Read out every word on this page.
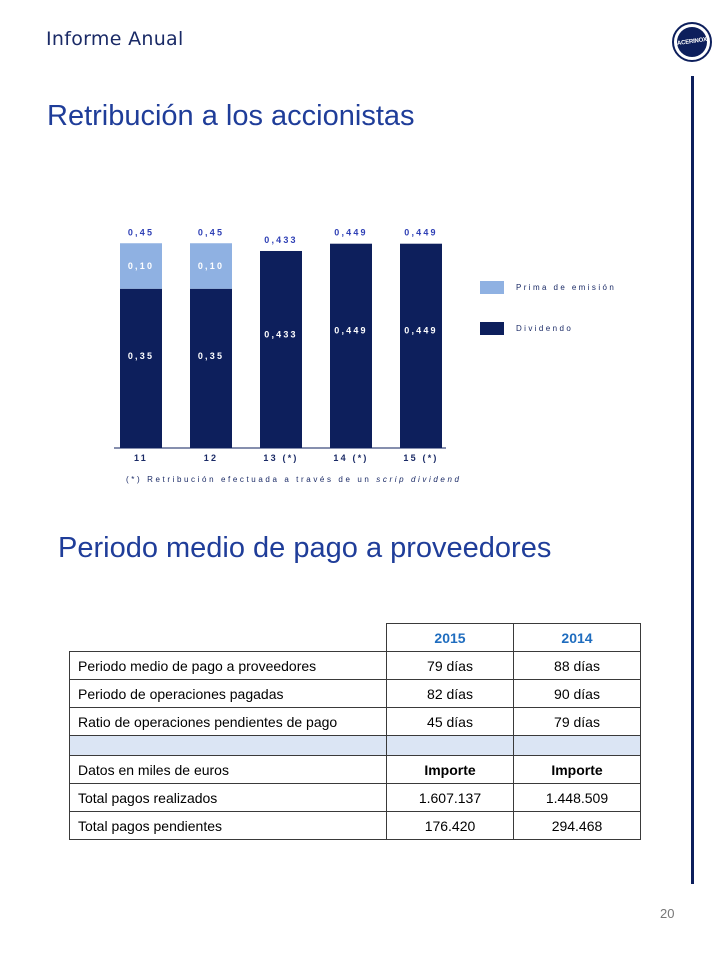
Informe Anual	ACERINOX
Retribución a los accionistas
0,35
0,10
0,45
11
0,35
0,10
0,45
12
0,433
0,433
13 (*)
0,449
0,449
14 (*)
0,449
0,449
15 (*)
(*) Retribución efectuada a través de un scrip dividend
Prima de emisión
Dividendo
Periodo medio de pago a proveedores
	2015	2014
Periodo medio de pago a proveedores	79 días	88 días
Periodo de operaciones pagadas	82 días	90 días
Ratio de operaciones pendientes de pago	45 días	79 días

Datos en miles de euros	Importe	Importe
Total pagos realizados	1.607.137	1.448.509
Total pagos pendientes	176.420	294.468
20
